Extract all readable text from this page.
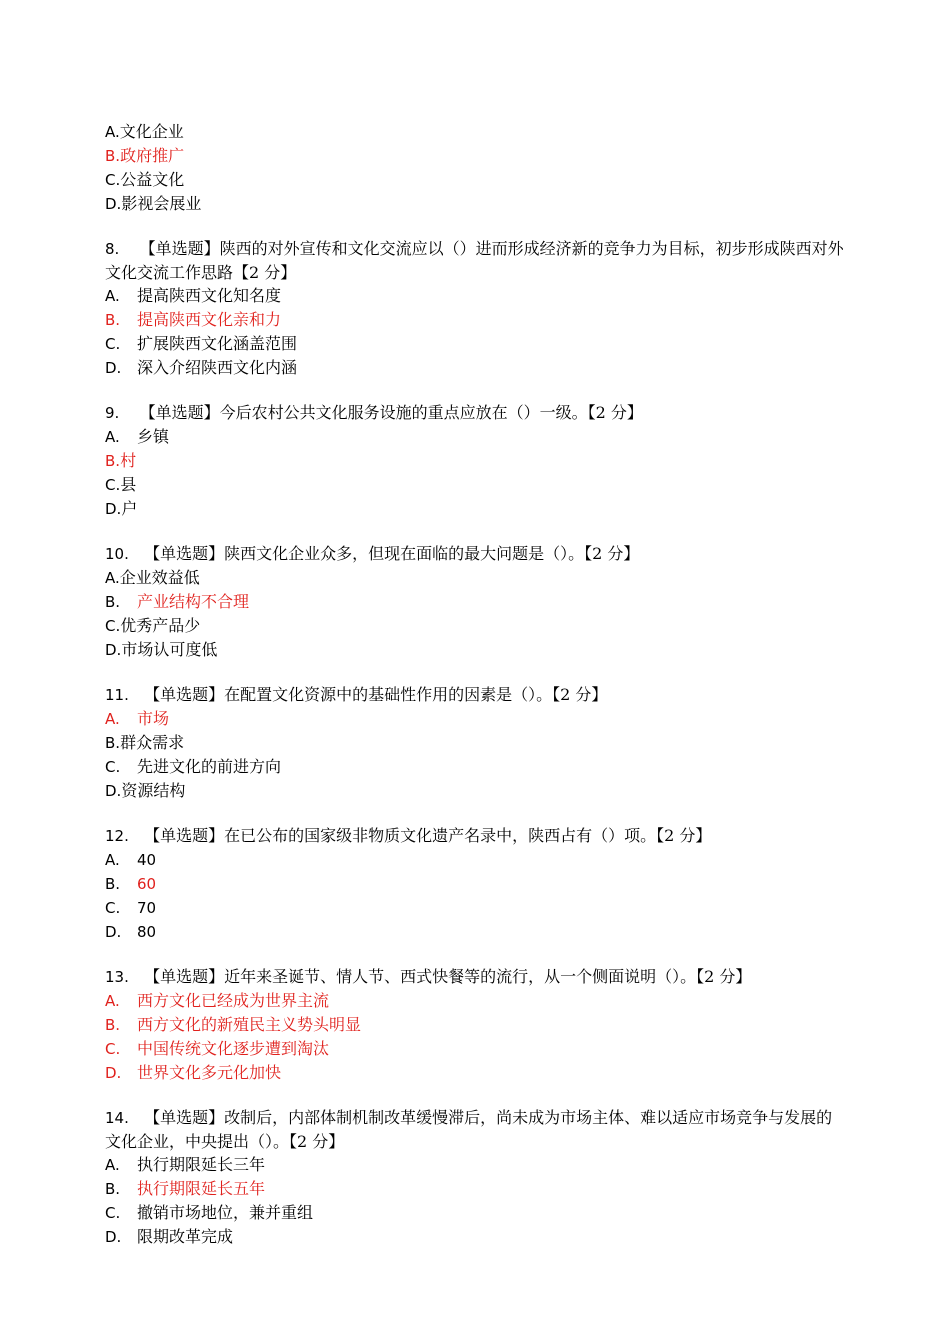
A.文化企业
B.政府推广
C.公益文化
D.影视会展业
8. 【单选题】陕西的对外宣传和文化交流应以（）进而形成经济新的竞争力为目标，初步形成陕西对外文化交流工作思路【2 分】
A. 提高陕西文化知名度
B. 提高陕西文化亲和力
C. 扩展陕西文化涵盖范围
D. 深入介绍陕西文化内涵
9. 【单选题】今后农村公共文化服务设施的重点应放在（）一级。【2 分】
A. 乡镇
B.村
C.县
D.户
10. 【单选题】陕西文化企业众多，但现在面临的最大问题是（）。【2 分】
A.企业效益低
B. 产业结构不合理
C.优秀产品少
D.市场认可度低
11. 【单选题】在配置文化资源中的基础性作用的因素是（）。【2 分】
A. 市场
B.群众需求
C. 先进文化的前进方向
D.资源结构
12. 【单选题】在已公布的国家级非物质文化遗产名录中，陕西占有（）项。【2 分】
A. 40
B. 60
C. 70
D. 80
13. 【单选题】近年来圣诞节、情人节、西式快餐等的流行，从一个侧面说明（）。【2 分】
A. 西方文化已经成为世界主流
B. 西方文化的新殖民主义势头明显
C. 中国传统文化逐步遭到淘汰
D. 世界文化多元化加快
14. 【单选题】改制后，内部体制机制改革缓慢滞后，尚未成为市场主体、难以适应市场竞争与发展的文化企业，中央提出（）。【2 分】
A. 执行期限延长三年
B. 执行期限延长五年
C. 撤销市场地位，兼并重组
D. 限期改革完成
